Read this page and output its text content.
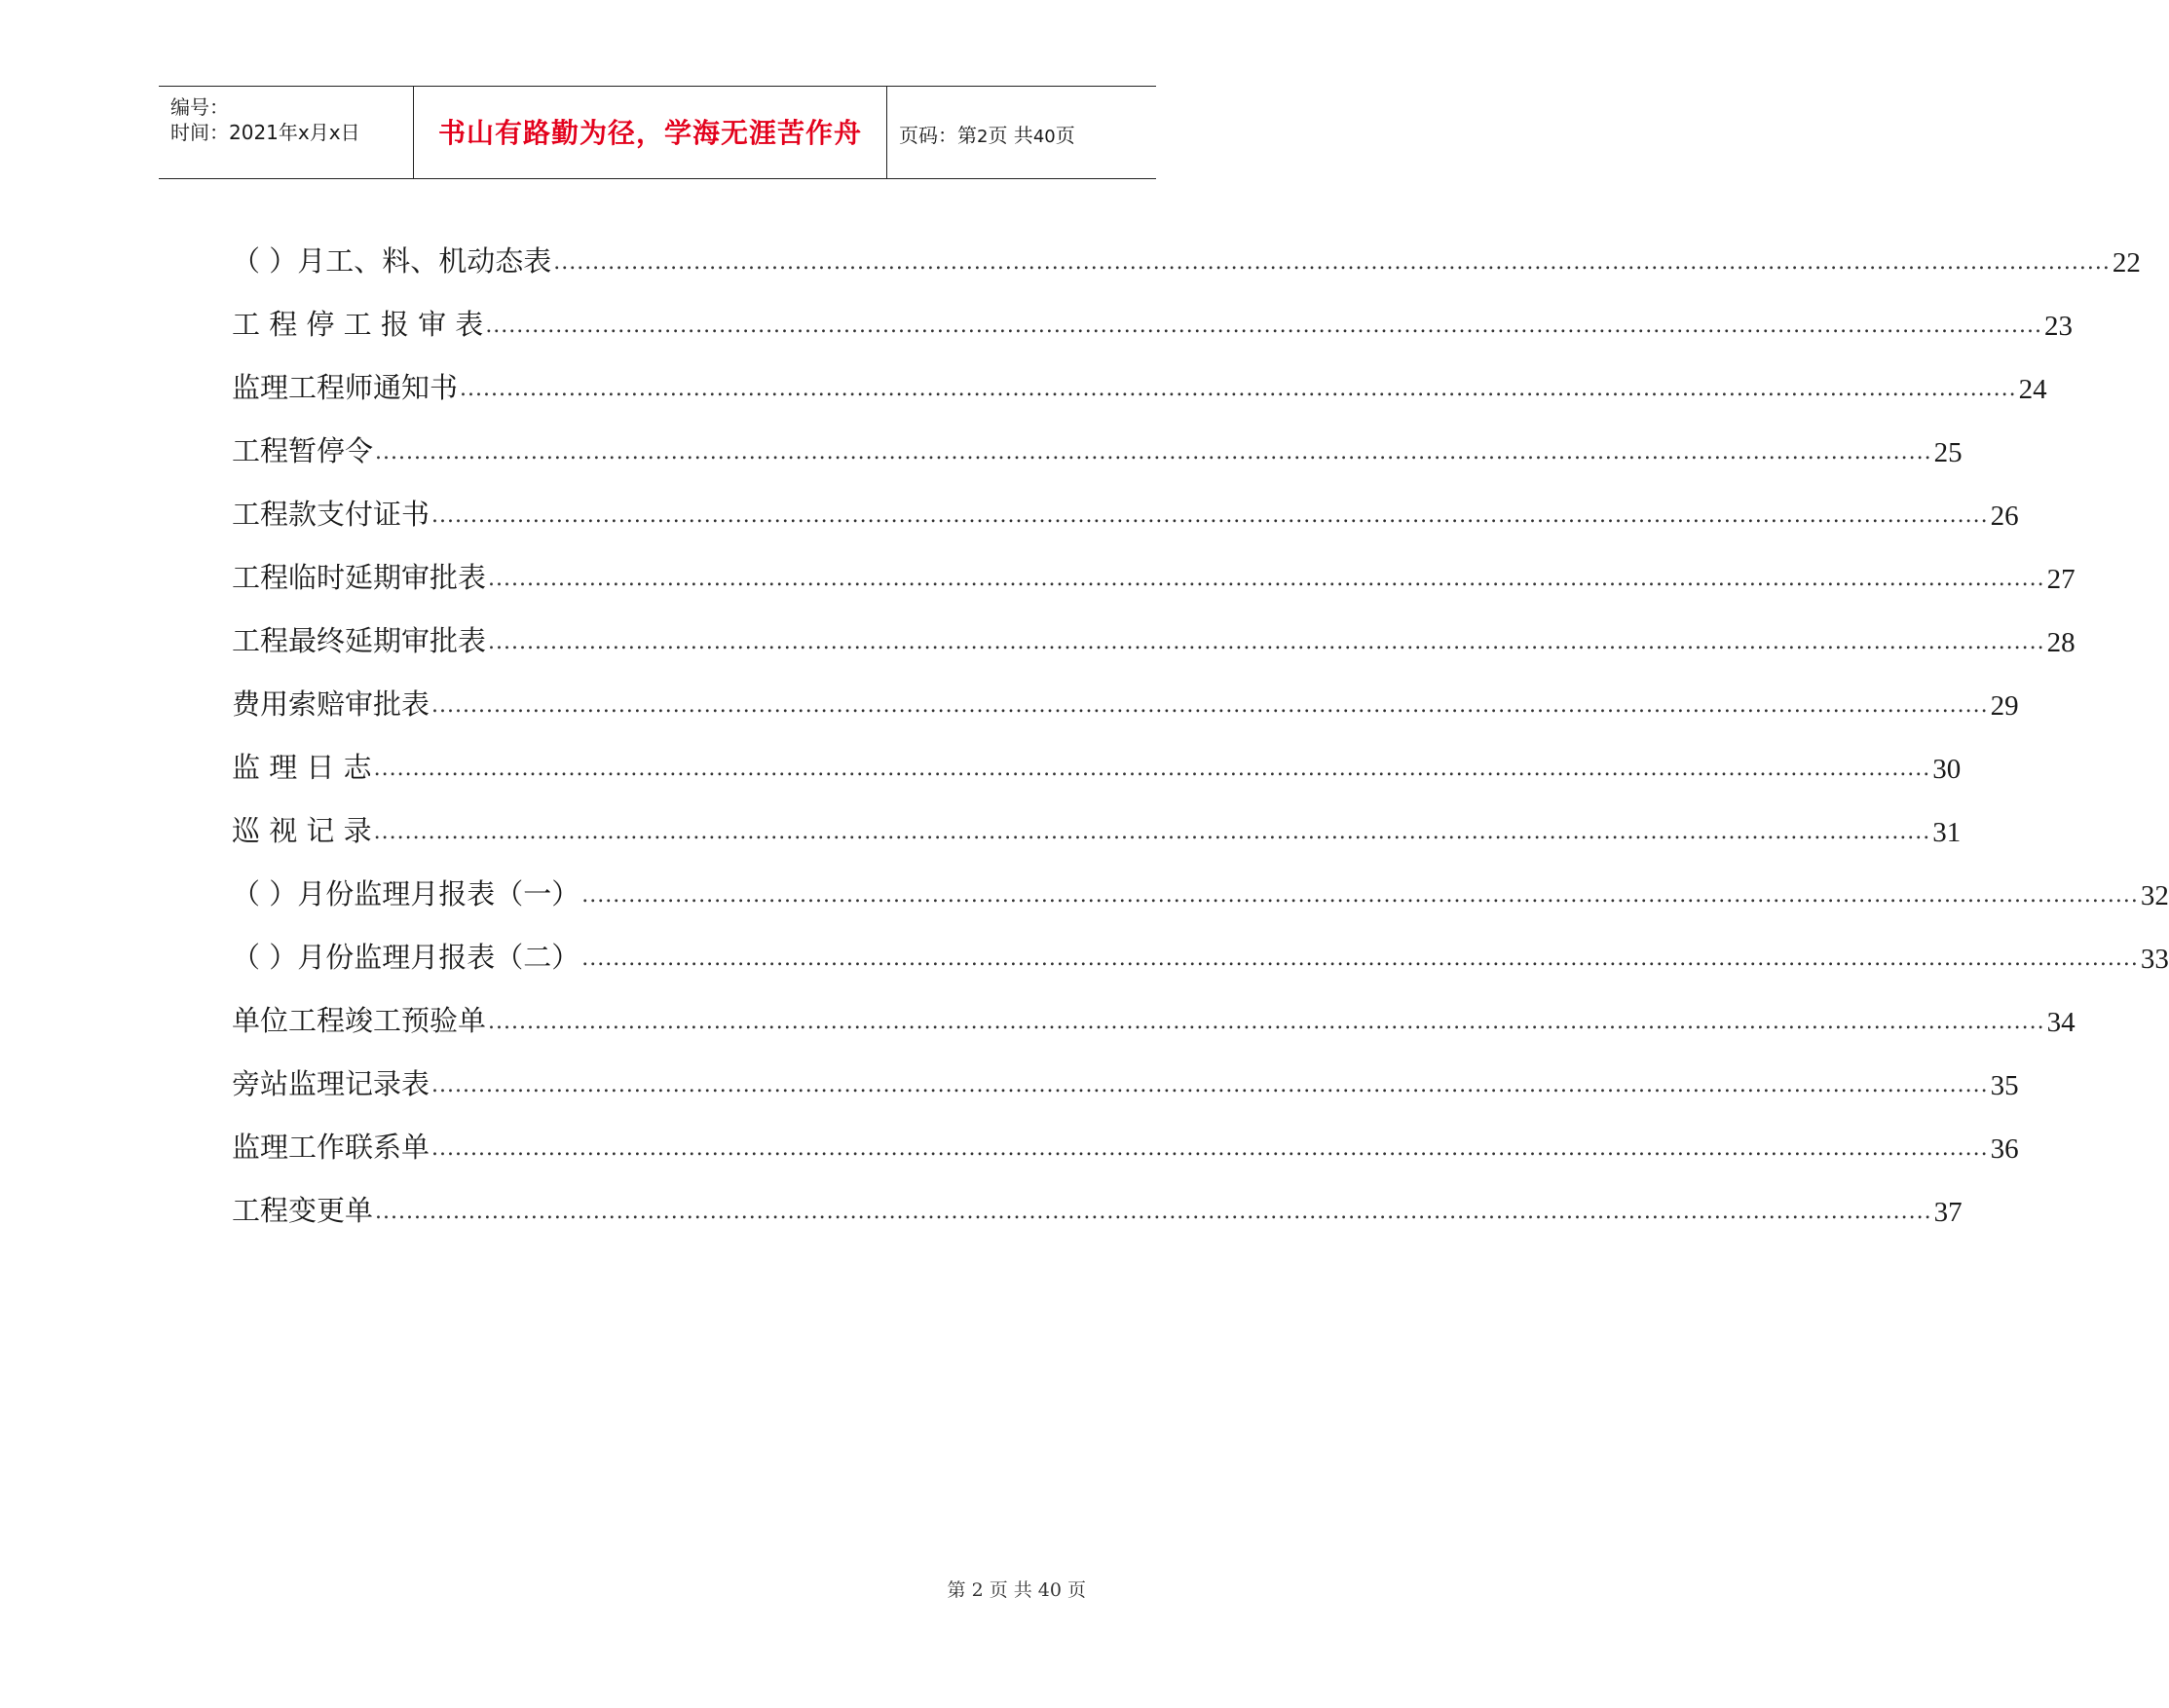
编号：
时间：2021年x月x日	书山有路勤为径，学海无涯苦作舟	页码：第2页 共40页
（ ）月工、料、机动态表 ........................................................................................................................................................................................................ 22
工 程 停 工 报 审 表 ........................................................................................................................................................................................................ 23
监理工程师通知书 ........................................................................................................................................................................................................ 24
工程暂停令 ........................................................................................................................................................................................................ 25
工程款支付证书 ........................................................................................................................................................................................................ 26
工程临时延期审批表 ........................................................................................................................................................................................................ 27
工程最终延期审批表 ........................................................................................................................................................................................................ 28
费用索赔审批表 ........................................................................................................................................................................................................ 29
监 理 日 志 ........................................................................................................................................................................................................ 30
巡 视 记 录 ........................................................................................................................................................................................................ 31
（ ）月份监理月报表（一） ........................................................................................................................................................................................................ 32
（ ）月份监理月报表（二） ........................................................................................................................................................................................................ 33
单位工程竣工预验单 ........................................................................................................................................................................................................ 34
旁站监理记录表 ........................................................................................................................................................................................................ 35
监理工作联系单 ........................................................................................................................................................................................................ 36
工程变更单 ........................................................................................................................................................................................................ 37
第 2 页 共 40 页
